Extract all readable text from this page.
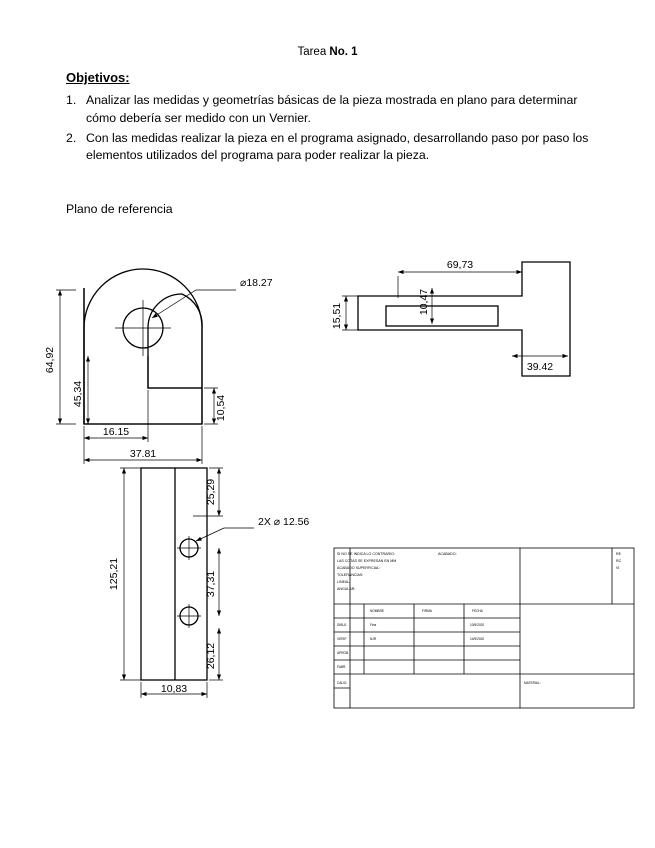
Tarea No. 1
Objetivos:
1. Analizar las medidas y geometrías básicas de la pieza mostrada en plano para determinar cómo debería ser medido con un Vernier.
2. Con las medidas realizar la pieza en el programa asignado, desarrollando paso por paso los elementos utilizados del programa para poder realizar la pieza.
Plano de referencia
⌀18.27
64,92
45,34
10,54
16.15
37.81
69,73
10,47
15,51
39.42
125,21
25,29
2X ⌀ 12.56
37,31
26,12
10,83
SI NO SE INDICA LO CONTRARIO:
LAS COTAS SE EXPRESAN EN MM
ACABADO SUPERFICIAL:
TOLERANCIAS:
LINEAL:
ANGULAR:
ACABADO:	RE
RC
VI
NOMBRE	FIRMA	FECHA
DIBUJ.	Fina	10/9/2020
VERIF.	NJR	14/9/2020
APROB.
FABR.
CALID.	MATERIAL:
